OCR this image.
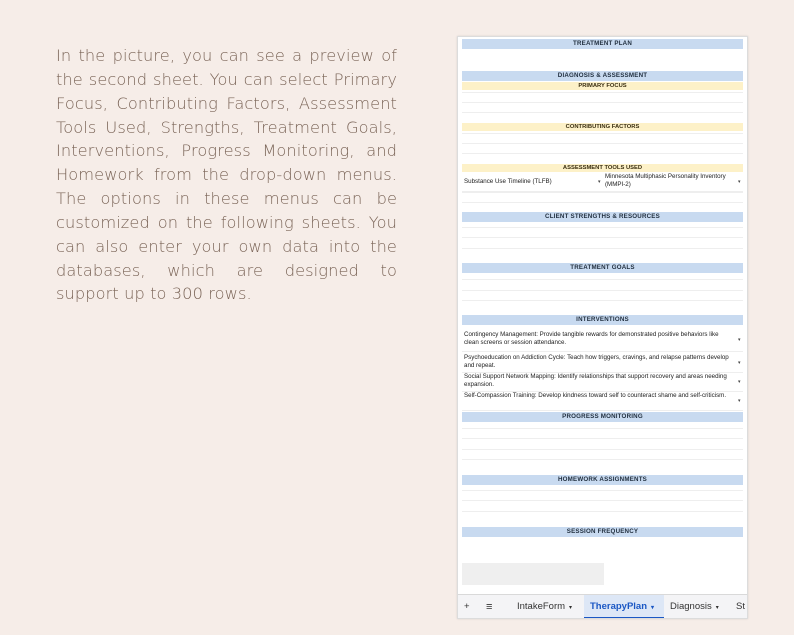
In the picture, you can see a preview of the second sheet. You can select Primary Focus, Contributing Factors, Assessment Tools Used, Strengths, Treatment Goals, Interventions, Progress Monitoring, and Homework from the drop-down menus. The options in these menus can be customized on the following sheets. You can also enter your own data into the databases, which are designed to support up to 300 rows.

TREATMENT PLAN
DIAGNOSIS & ASSESSMENT
PRIMARY FOCUS
CONTRIBUTING FACTORS
ASSESSMENT TOOLS USED
CLIENT STRENGTHS & RESOURCES
TREATMENT GOALS
INTERVENTIONS
PROGRESS MONITORING
HOMEWORK ASSIGNMENTS
SESSION FREQUENCY
+ ≡	IntakeForm ▾	TherapyPlan ▾	Diagnosis ▾ St
Substance Use Timeline (TLFB)	▾
Minnesota Multiphasic Personality Inventory (MMPI-2)	▾
Contingency Management: Provide tangible rewards for demonstrated positive behaviors like clean screens or session attendance.	▾
Psychoeducation on Addiction Cycle: Teach how triggers, cravings, and relapse patterns develop and repeat.	▾
Social Support Network Mapping: Identify relationships that support recovery and areas needing expansion.	▾
Self-Compassion Training: Develop kindness toward self to counteract shame and self-criticism.
▾
